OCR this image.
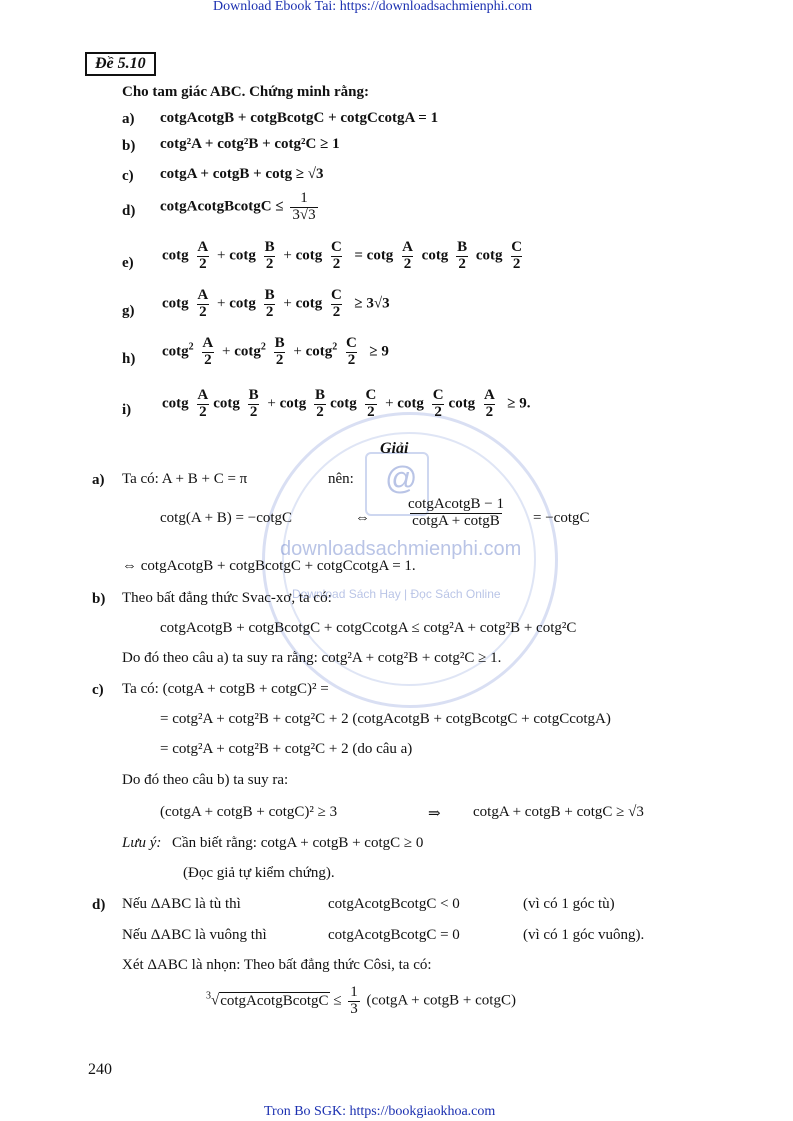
Download Ebook Tai: https://downloadsachmienphi.com
@
downloadsachmienphi.com
Download Sách Hay | Đọc Sách Online
Đề 5.10
Cho tam giác ABC. Chứng minh rằng:
a) cotgAcotgB + cotgBcotgC + cotgCcotgA = 1
b) cotg²A + cotg²B + cotg²C ≥ 1
c) cotgA + cotgB + cotg ≥ √3
d) cotgAcotgBcotgC ≤ $\frac{1}{3√3}$
e) cotg $\frac{A}{2} + \cot g \frac{B}{2} + \cot g \frac{C}{2} = \cot g \frac{A}{2}$ cotg $\frac{B}{2}$ cotg $\frac{C}{2}$
g) cotg $\frac{A}{2} + \cot g \frac{B}{2} + \cot g \frac{C}{2} \ge 3√3$
h) $\cot g^2 \frac{A}{2} + \cot g^2 \frac{B}{2} + \cot g^2 \frac{C}{2} \ge 9$
i) cotg $\frac{A}{2}$ cotg $\frac{B}{2} + \cot g \frac{B}{2}$ cotg $\frac{C}{2} + \cot g \frac{C}{2}$ cotg $\frac{A}{2} \ge 9$.
Giải
a) Ta có: A + B + C = π	nên:
cotg(A + B) = −cotgC	⇔ $\frac{\text{cotgAcotgB − 1}}{\text{cotgA + cotgB}}$ = −cotgC
⇔ cotgAcotgB + cotgBcotgC + cotgCcotgA = 1.
b) Theo bất đẳng thức Svac-xơ, ta có:
cotgAcotgB + cotgBcotgC + cotgCcotgA ≤ cotg²A + cotg²B + cotg²C
Do đó theo câu a) ta suy ra rằng: cotg²A + cotg²B + cotg²C ≥ 1.
c) Ta có: (cotgA + cotgB + cotgC)² =
= cotg²A + cotg²B + cotg²C + 2 (cotgAcotgB + cotgBcotgC + cotgCcotgA)
= cotg²A + cotg²B + cotg²C + 2 (do câu a)
Do đó theo câu b) ta suy ra:
(cotgA + cotgB + cotgC)² ≥ 3	⇒ cotgA + cotgB + cotgC ≥ √3
Lưu ý: Cần biết rằng: cotgA + cotgB + cotgC ≥ 0
(Đọc giả tự kiểm chứng).
d) Nếu ΔABC là tù thì	cotgAcotgBcotgC < 0	(vì có 1 góc tù)
Nếu ΔABC là vuông thì	cotgAcotgBcotgC = 0	(vì có 1 góc vuông).
Xét ΔABC là nhọn: Theo bất đẳng thức Côsi, ta có:
$^3$√cotgAcotgBcotgC ≤ $\frac{1}{3}$ (cotgA + cotgB + cotgC)
240
Tron Bo SGK: https://bookgiaokhoa.com
